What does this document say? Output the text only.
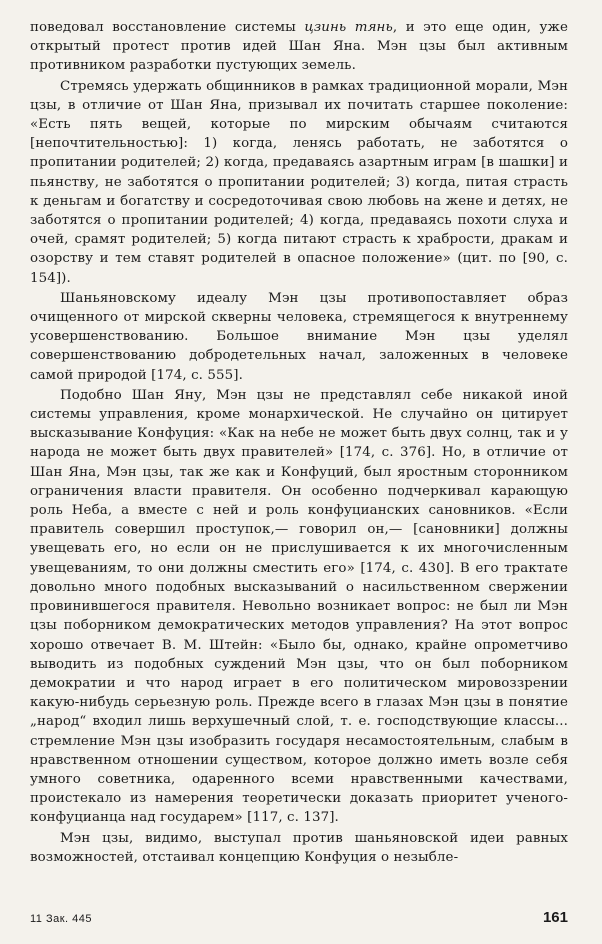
поведовал восстановление системы цзинь тянь, и это еще один, уже открытый протест против идей Шан Яна. Мэн цзы был активным противником разработки пустующих земель.

Стремясь удержать общинников в рамках традиционной морали, Мэн цзы, в отличие от Шан Яна, призывал их почитать старшее поколение: «Есть пять вещей, которые по мирским обычаям считаются [непочтительностью]: 1) когда, ленясь работать, не заботятся о пропитании родителей; 2) когда, предаваясь азартным играм [в шашки] и пьянству, не заботятся о пропитании родителей; 3) когда, питая страсть к деньгам и богатству и сосредоточивая свою любовь на жене и детях, не заботятся о пропитании родителей; 4) когда, предаваясь похоти слуха и очей, срамят родителей; 5) когда питают страсть к храбрости, дракам и озорству и тем ставят родителей в опасное положение» (цит. по [90, с. 154]).

Шаньяновскому идеалу Мэн цзы противопоставляет образ очищенного от мирской скверны человека, стремящегося к внутреннему усовершенствованию. Большое внимание Мэн цзы уделял совершенствованию добродетельных начал, заложенных в человеке самой природой [174, с. 555].

Подобно Шан Яну, Мэн цзы не представлял себе никакой иной системы управления, кроме монархической. Не случайно он цитирует высказывание Конфуция: «Как на небе не может быть двух солнц, так и у народа не может быть двух правителей» [174, с. 376]. Но, в отличие от Шан Яна, Мэн цзы, так же как и Конфуций, был яростным сторонником ограничения власти правителя. Он особенно подчеркивал карающую роль Неба, а вместе с ней и роль конфуцианских сановников. «Если правитель совершил проступок,— говорил он,— [сановники] должны увещевать его, но если он не прислушивается к их многочисленным увещеваниям, то они должны сместить его» [174, с. 430]. В его трактате довольно много подобных высказываний о насильственном свержении провинившегося правителя. Невольно возникает вопрос: не был ли Мэн цзы поборником демократических методов управления? На этот вопрос хорошо отвечает В. М. Штейн: «Было бы, однако, крайне опрометчиво выводить из подобных суждений Мэн цзы, что он был поборником демократии и что народ играет в его политическом мировоззрении какую-нибудь серьезную роль. Прежде всего в глазах Мэн цзы в понятие „народ“ входил лишь верхушечный слой, т. е. господствующие классы... стремление Мэн цзы изобразить государя несамостоятельным, слабым в нравственном отношении существом, которое должно иметь возле себя умного советника, одаренного всеми нравственными качествами, проистекало из намерения теоретически доказать приоритет ученого-конфуцианца над государем» [117, с. 137].

Мэн цзы, видимо, выступал против шаньяновской идеи равных возможностей, отстаивал концепцию Конфуция о незыбле-

11 Зак. 445	161
